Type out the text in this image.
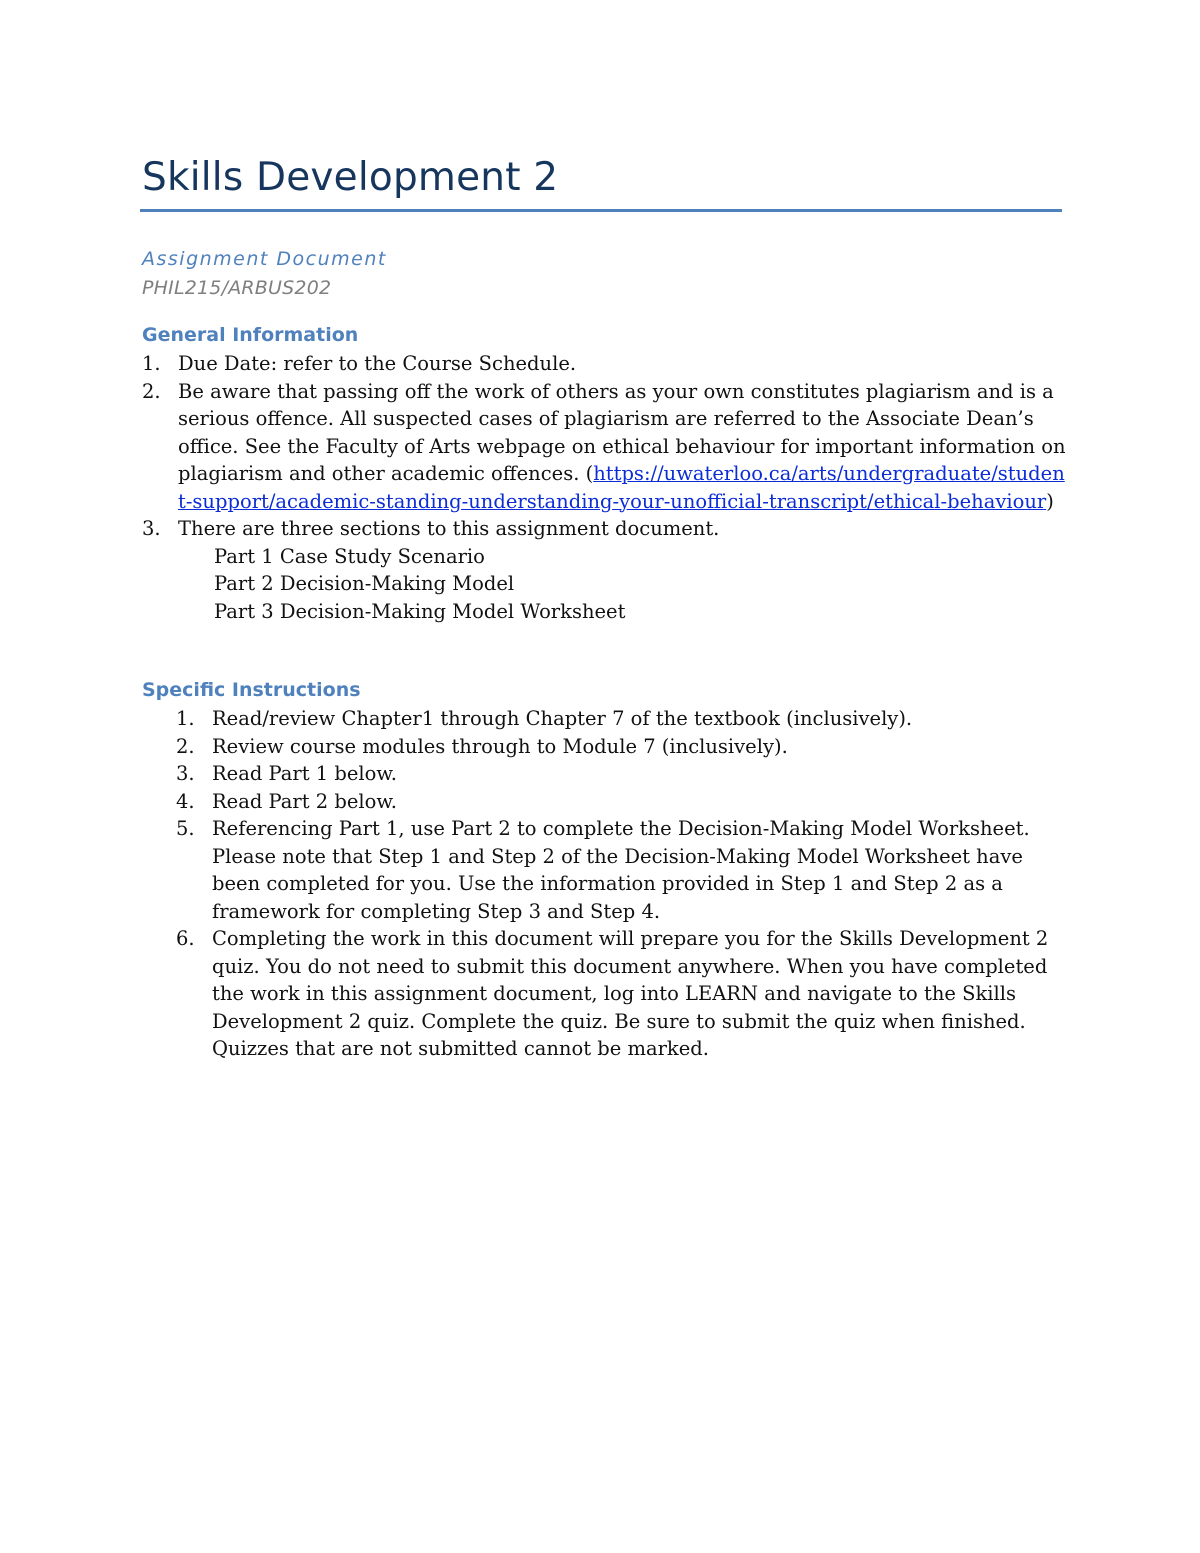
Skills Development 2

Assignment Document

PHIL215/ARBUS202

General Information
1. Due Date: refer to the Course Schedule.
2. Be aware that passing off the work of others as your own constitutes plagiarism and is a serious offence. All suspected cases of plagiarism are referred to the Associate Dean’s office. See the Faculty of Arts webpage on ethical behaviour for important information on plagiarism and other academic offences. (https://uwaterloo.ca/arts/undergraduate/student-support/academic-standing-understanding-your-unofficial-transcript/ethical-behaviour)
3. There are three sections to this assignment document.
Part 1 Case Study Scenario
Part 2 Decision-Making Model
Part 3 Decision-Making Model Worksheet
Specific Instructions
1. Read/review Chapter1 through Chapter 7 of the textbook (inclusively).
2. Review course modules through to Module 7 (inclusively).
3. Read Part 1 below.
4. Read Part 2 below.
5. Referencing Part 1, use Part 2 to complete the Decision-Making Model Worksheet. Please note that Step 1 and Step 2 of the Decision-Making Model Worksheet have been completed for you. Use the information provided in Step 1 and Step 2 as a framework for completing Step 3 and Step 4.
6. Completing the work in this document will prepare you for the Skills Development 2 quiz. You do not need to submit this document anywhere. When you have completed the work in this assignment document, log into LEARN and navigate to the Skills Development 2 quiz. Complete the quiz. Be sure to submit the quiz when finished. Quizzes that are not submitted cannot be marked.
